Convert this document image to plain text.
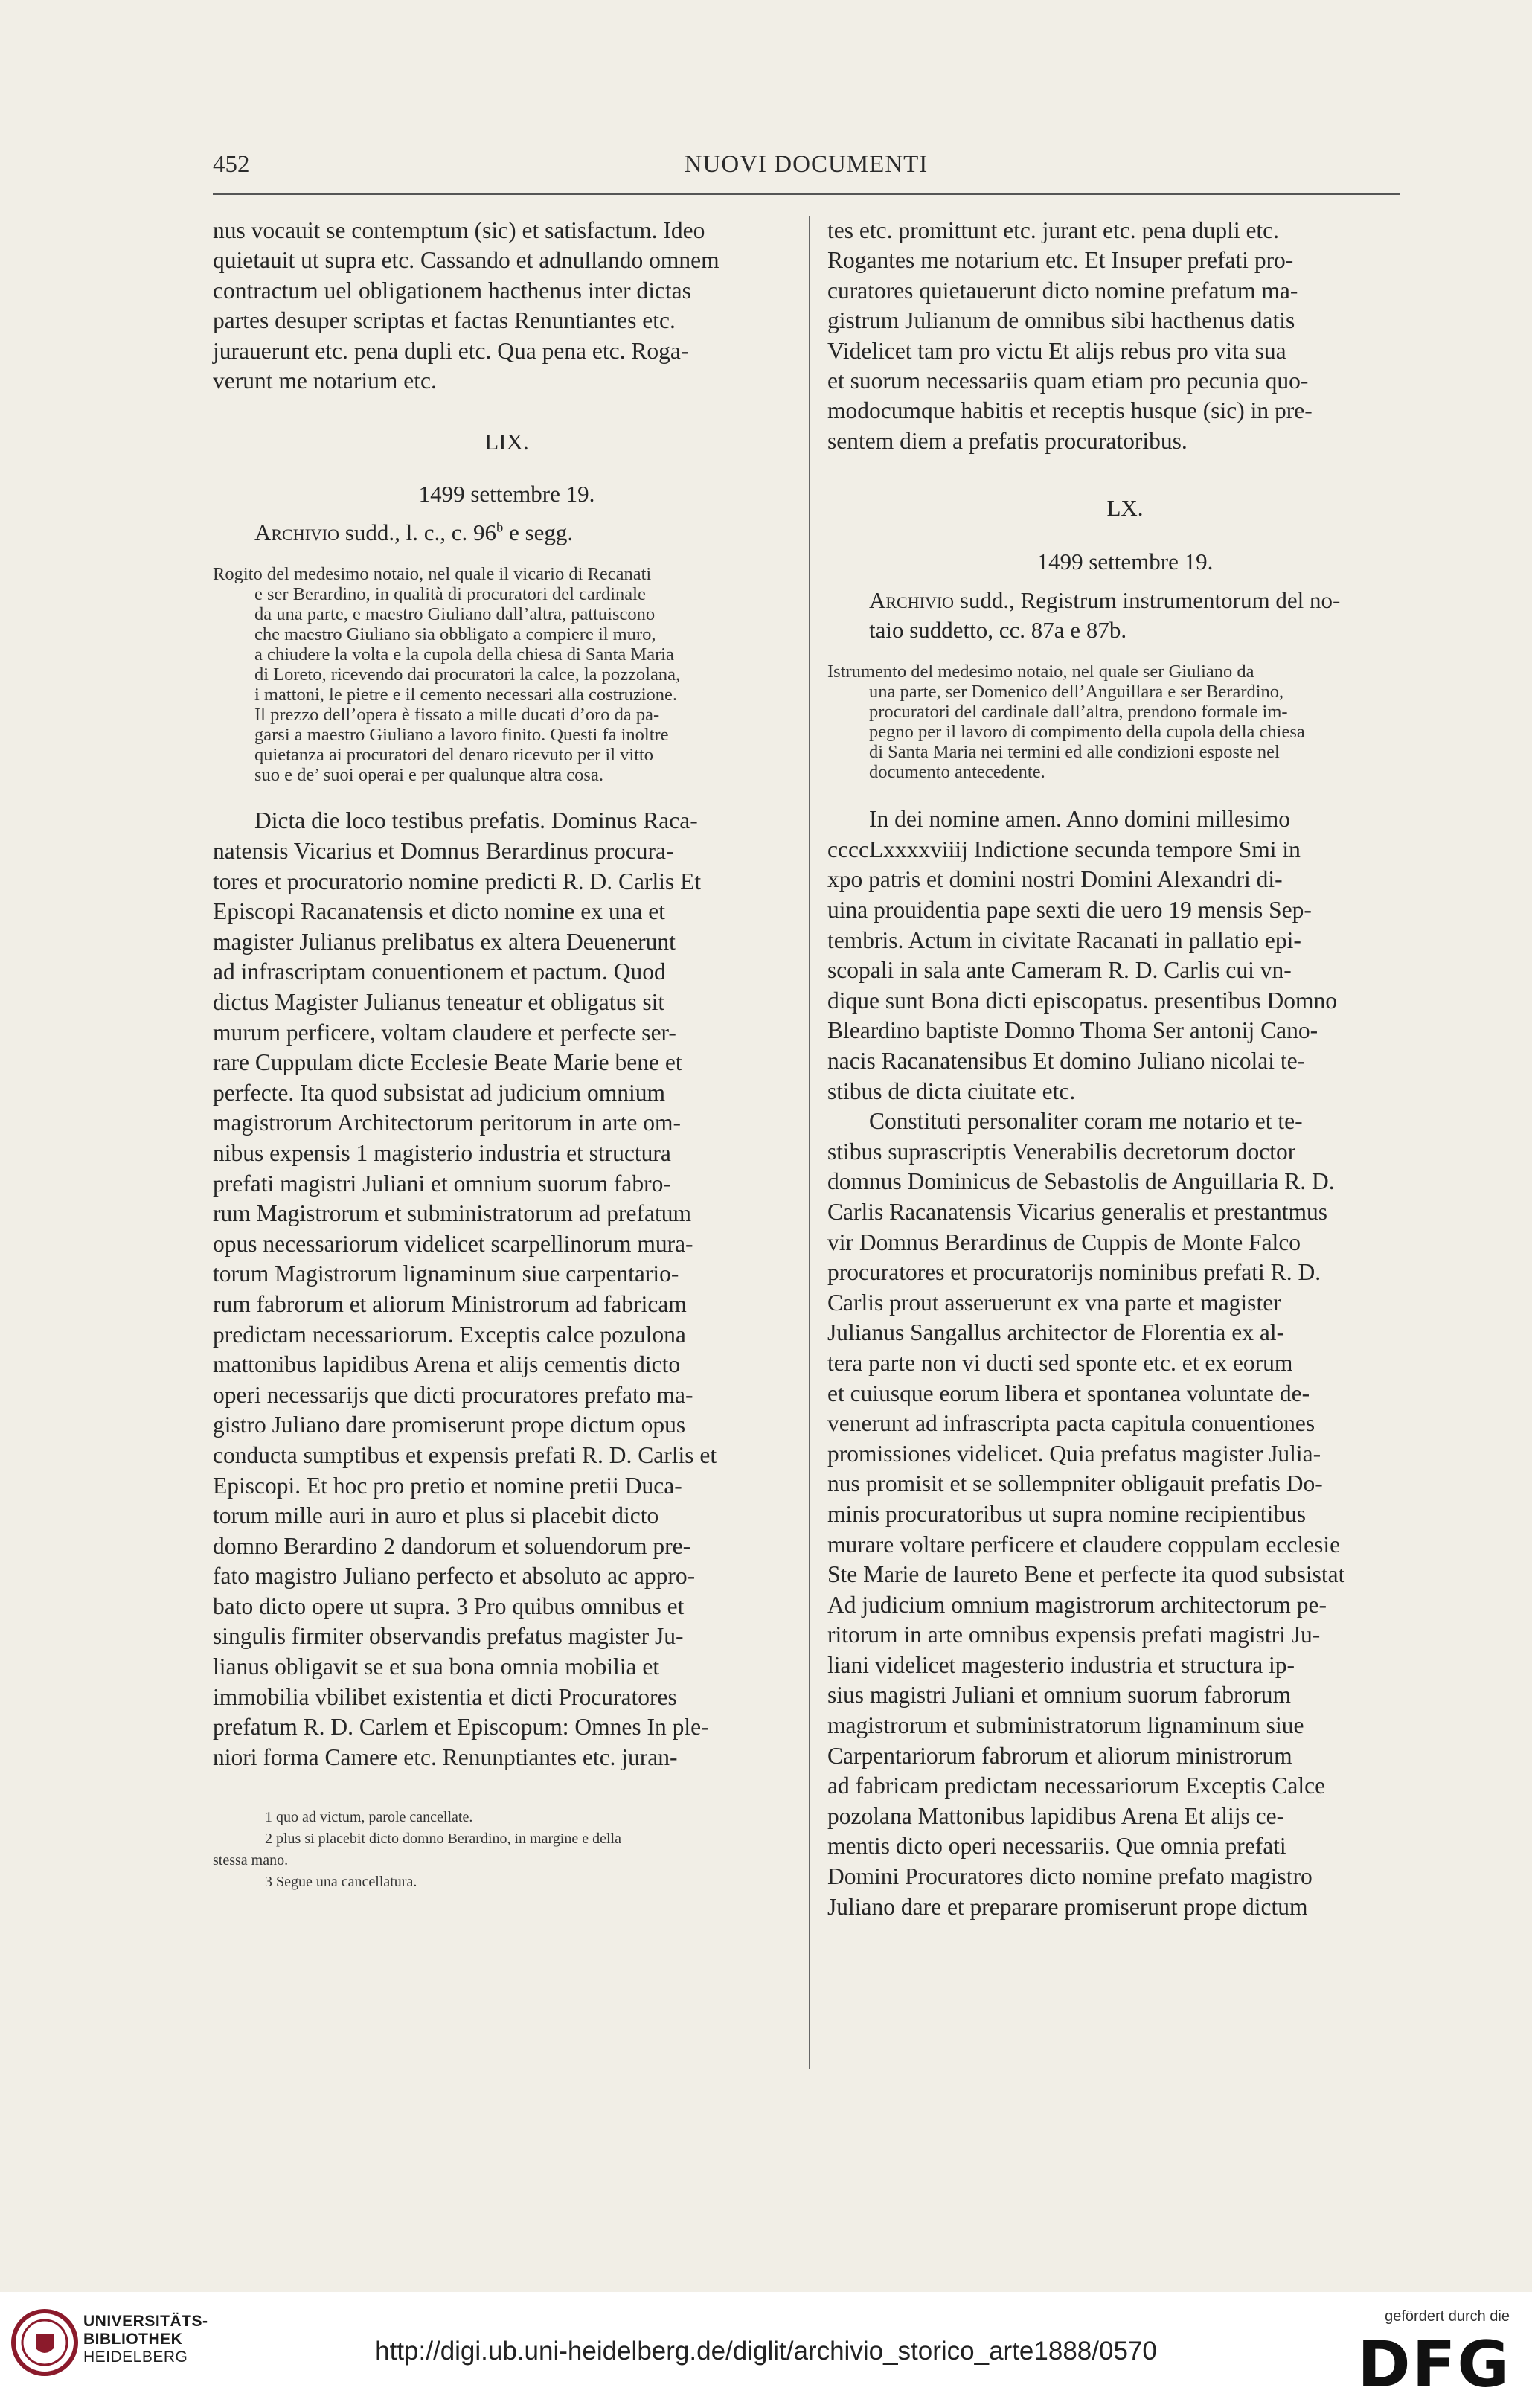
452	NUOVI DOCUMENTI
nus vocauit se contemptum (sic) et satisfactum. Ideo
quietauit ut supra etc. Cassando et adnullando omnem
contractum uel obligationem hacthenus inter dictas
partes desuper scriptas et factas Renuntiantes etc.
jurauerunt etc. pena dupli etc. Qua pena etc. Roga-
verunt me notarium etc.
LIX.
1499 settembre 19.
Archivio sudd., l. c., c. 96$^b$ e segg.
Rogito del medesimo notaio, nel quale il vicario di Recanati
e ser Berardino, in qualità di procuratori del cardinale
da una parte, e maestro Giuliano dall’altra, pattuiscono
che maestro Giuliano sia obbligato a compiere il muro,
a chiudere la volta e la cupola della chiesa di Santa Maria
di Loreto, ricevendo dai procuratori la calce, la pozzolana,
i mattoni, le pietre e il cemento necessari alla costruzione.
Il prezzo dell’opera è fissato a mille ducati d’oro da pa-
garsi a maestro Giuliano a lavoro finito. Questi fa inoltre
quietanza ai procuratori del denaro ricevuto per il vitto
suo e de’ suoi operai e per qualunque altra cosa.
Dicta die loco testibus prefatis. Dominus Raca-
natensis Vicarius et Domnus Berardinus procura-
tores et procuratorio nomine predicti R. D. Carlis Et
Episcopi Racanatensis et dicto nomine ex una et
magister Julianus prelibatus ex altera Deuenerunt
ad infrascriptam conuentionem et pactum. Quod
dictus Magister Julianus teneatur et obligatus sit
murum perficere, voltam claudere et perfecte ser-
rare Cuppulam dicte Ecclesie Beate Marie bene et
perfecte. Ita quod subsistat ad judicium omnium
magistrorum Architectorum peritorum in arte om-
nibus expensis 1 magisterio industria et structura
prefati magistri Juliani et omnium suorum fabro-
rum Magistrorum et subministratorum ad prefatum
opus necessariorum videlicet scarpellinorum mura-
torum Magistrorum lignaminum siue carpentario-
rum fabrorum et aliorum Ministrorum ad fabricam
predictam necessariorum. Exceptis calce pozulona
mattonibus lapidibus Arena et alijs cementis dicto
operi necessarijs que dicti procuratores prefato ma-
gistro Juliano dare promiserunt prope dictum opus
conducta sumptibus et expensis prefati R. D. Carlis et
Episcopi. Et hoc pro pretio et nomine pretii Duca-
torum mille auri in auro et plus si placebit dicto
domno Berardino 2 dandorum et soluendorum pre-
fato magistro Juliano perfecto et absoluto ac appro-
bato dicto opere ut supra. 3 Pro quibus omnibus et
singulis firmiter observandis prefatus magister Ju-
lianus obligavit se et sua bona omnia mobilia et
immobilia vbilibet existentia et dicti Procuratores
prefatum R. D. Carlem et Episcopum: Omnes In ple-
niori forma Camere etc. Renunptiantes etc. juran-
1 quo ad victum, parole cancellate.
2 plus si placebit dicto domno Berardino, in margine e della
stessa mano.
3 Segue una cancellatura.
tes etc. promittunt etc. jurant etc. pena dupli etc.
Rogantes me notarium etc. Et Insuper prefati pro-
curatores quietauerunt dicto nomine prefatum ma-
gistrum Julianum de omnibus sibi hacthenus datis
Videlicet tam pro victu Et alijs rebus pro vita sua
et suorum necessariis quam etiam pro pecunia quo-
modocumque habitis et receptis husque (sic) in pre-
sentem diem a prefatis procuratoribus.
LX.
1499 settembre 19.
Archivio sudd., Registrum instrumentorum del no-
taio suddetto, cc. 87a e 87b.
Istrumento del medesimo notaio, nel quale ser Giuliano da
una parte, ser Domenico dell’Anguillara e ser Berardino,
procuratori del cardinale dall’altra, prendono formale im-
pegno per il lavoro di compimento della cupola della chiesa
di Santa Maria nei termini ed alle condizioni esposte nel
documento antecedente.
In dei nomine amen. Anno domini millesimo
ccccLxxxxviiij Indictione secunda tempore Smi in
xpo patris et domini nostri Domini Alexandri di-
uina prouidentia pape sexti die uero 19 mensis Sep-
tembris. Actum in civitate Racanati in pallatio epi-
scopali in sala ante Cameram R. D. Carlis cui vn-
dique sunt Bona dicti episcopatus. presentibus Domno
Bleardino baptiste Domno Thoma Ser antonij Cano-
nacis Racanatensibus Et domino Juliano nicolai te-
stibus de dicta ciuitate etc.
Constituti personaliter coram me notario et te-
stibus suprascriptis Venerabilis decretorum doctor
domnus Dominicus de Sebastolis de Anguillaria R. D.
Carlis Racanatensis Vicarius generalis et prestantmus
vir Domnus Berardinus de Cuppis de Monte Falco
procuratores et procuratorijs nominibus prefati R. D.
Carlis prout asseruerunt ex vna parte et magister
Julianus Sangallus architector de Florentia ex al-
tera parte non vi ducti sed sponte etc. et ex eorum
et cuiusque eorum libera et spontanea voluntate de-
venerunt ad infrascripta pacta capitula conuentiones
promissiones videlicet. Quia prefatus magister Julia-
nus promisit et se sollempniter obligauit prefatis Do-
minis procuratoribus ut supra nomine recipientibus
murare voltare perficere et claudere coppulam ecclesie
Ste Marie de laureto Bene et perfecte ita quod subsistat
Ad judicium omnium magistrorum architectorum pe-
ritorum in arte omnibus expensis prefati magistri Ju-
liani videlicet magesterio industria et structura ip-
sius magistri Juliani et omnium suorum fabrorum
magistrorum et subministratorum lignaminum siue
Carpentariorum fabrorum et aliorum ministrorum
ad fabricam predictam necessariorum Exceptis Calce
pozolana Mattonibus lapidibus Arena Et alijs ce-
mentis dicto operi necessariis. Que omnia prefati
Domini Procuratores dicto nomine prefato magistro
Juliano dare et preparare promiserunt prope dictum
UNIVERSITÄTS-
BIBLIOTHEK
HEIDELBERG	http://digi.ub.uni-heidelberg.de/diglit/archivio_storico_arte1888/0570
gefördert durch die
DFG
